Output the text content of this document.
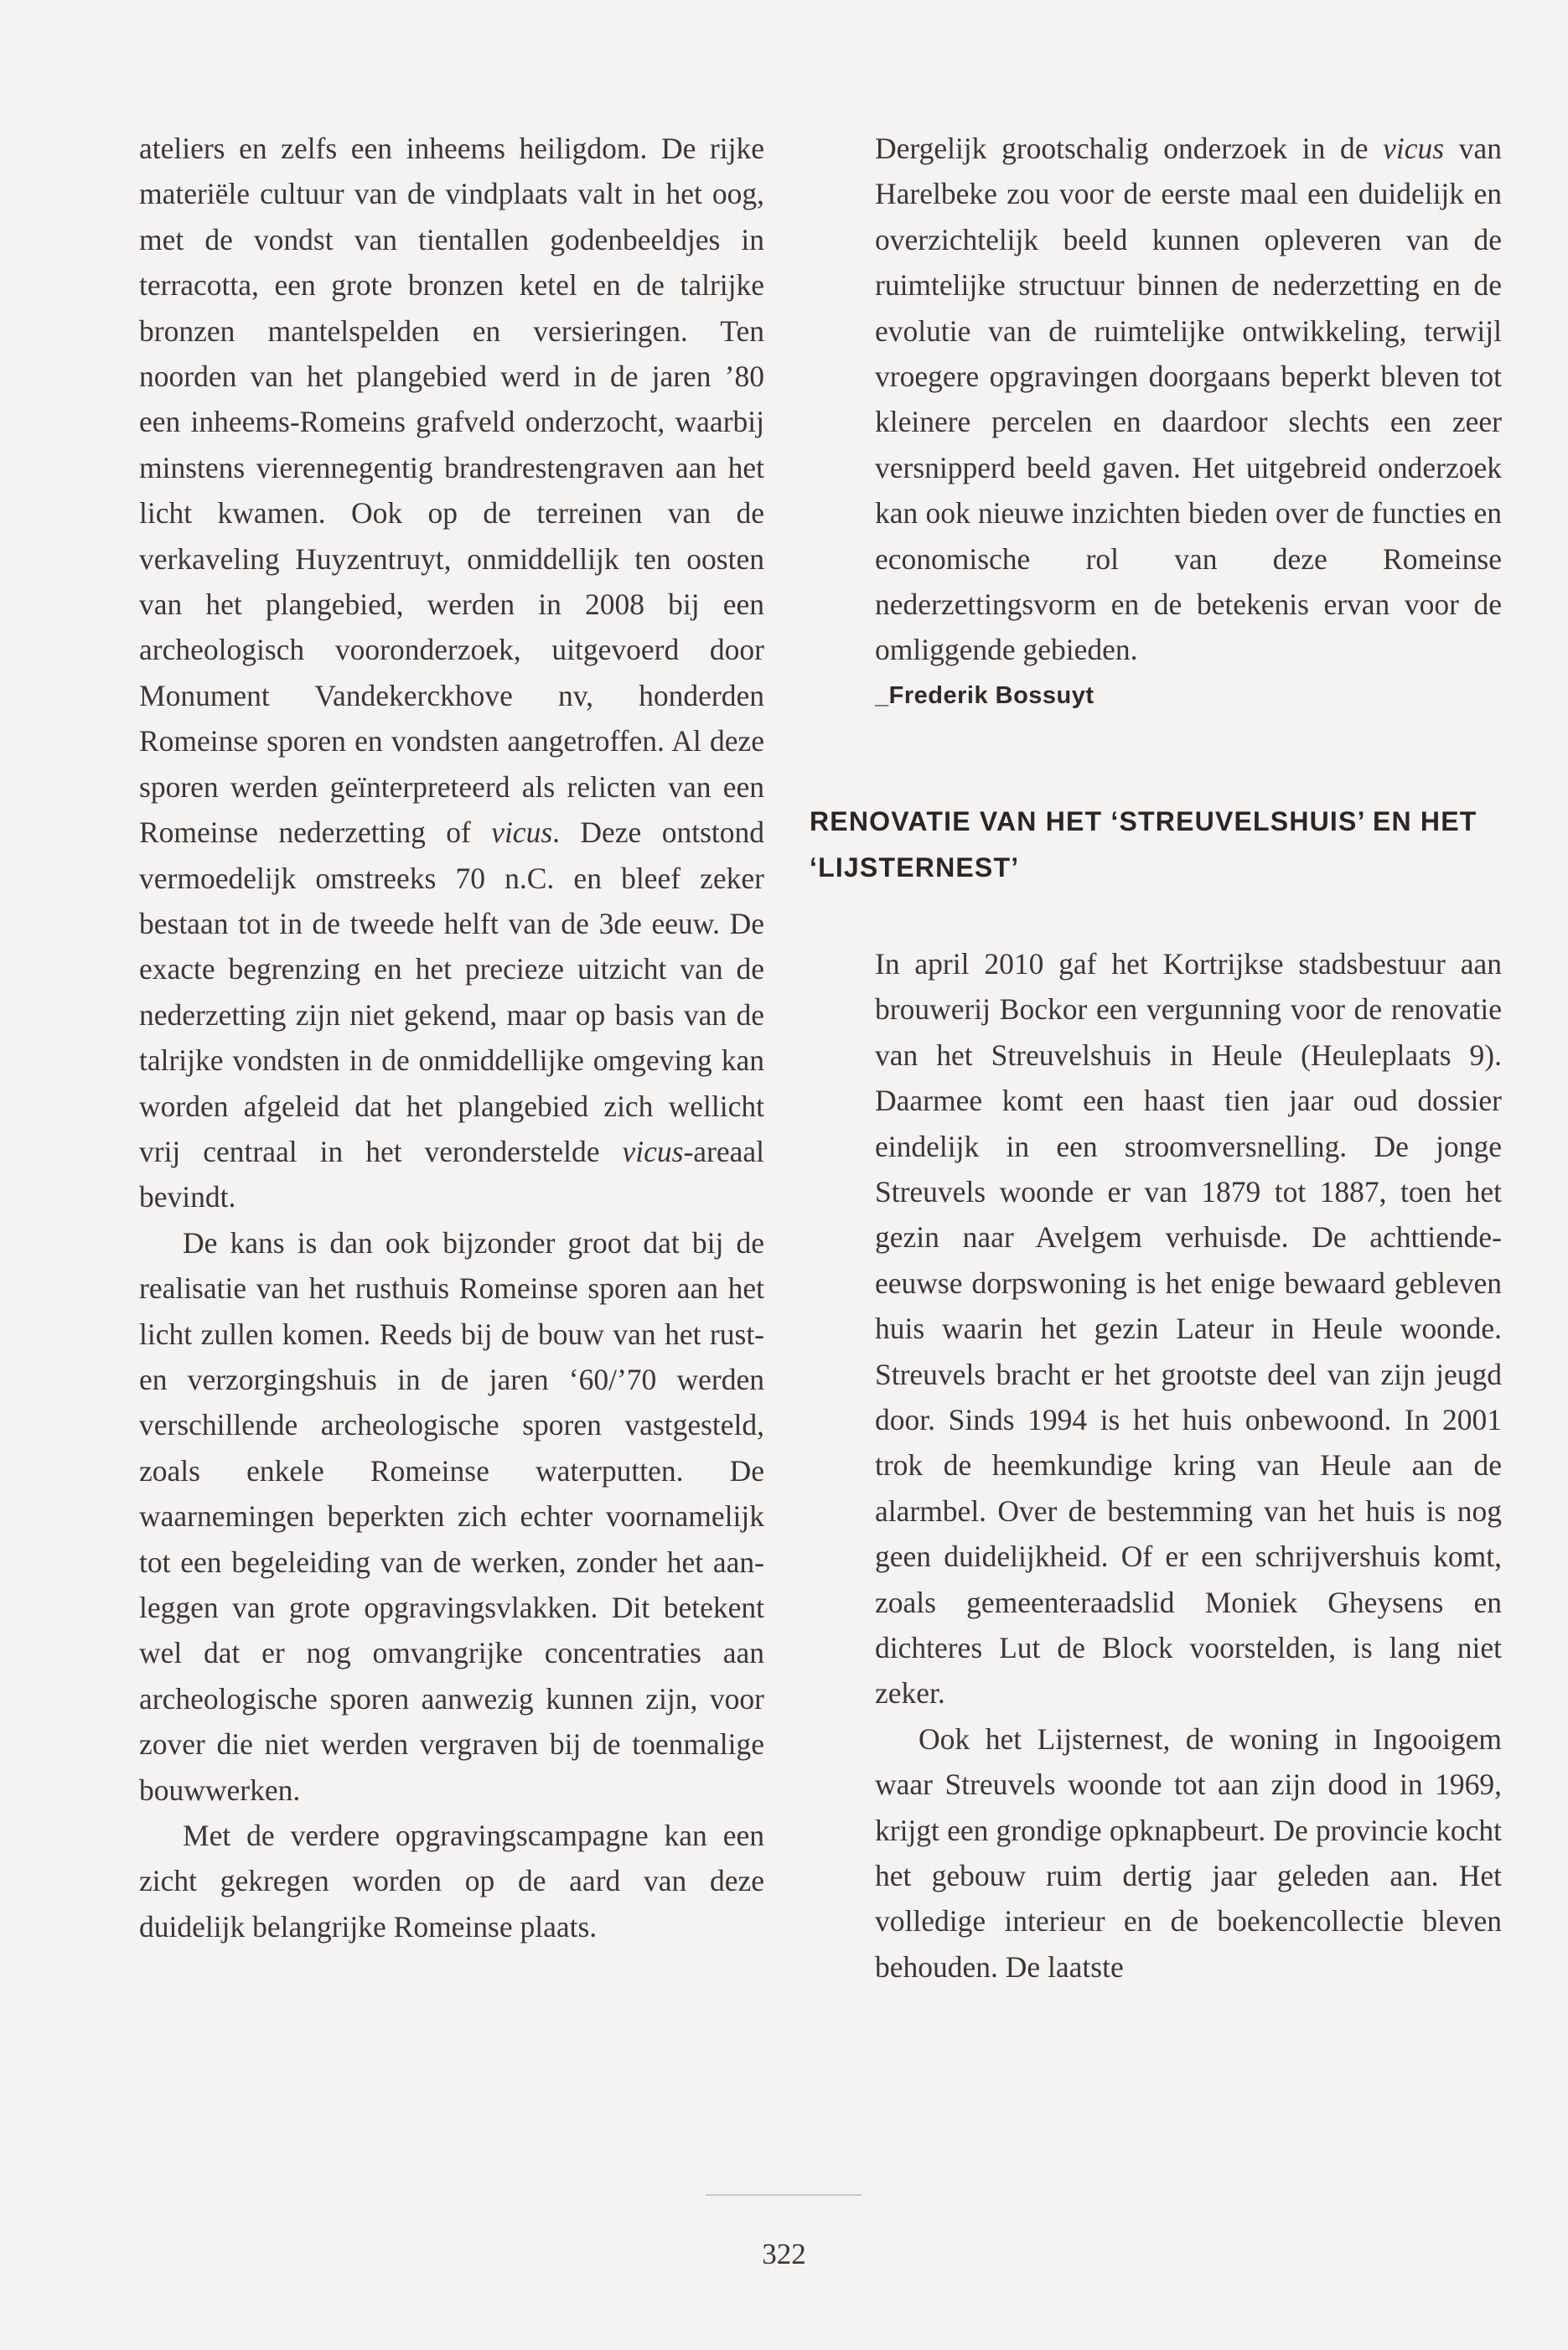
ateliers en zelfs een inheems heiligdom. De rijke materiële cultuur van de vindplaats valt in het oog, met de vondst van tientallen godenbeeldjes in terracotta, een grote bronzen ketel en de talrijke bronzen mantelspelden en versieringen. Ten noorden van het plangebied werd in de jaren ’80 een inheems-Romeins grafveld onderzocht, waarbij minstens vierennegentig brandrestengraven aan het licht kwamen. Ook op de terreinen van de verkaveling Huyzentruyt, onmiddellijk ten oosten van het plangebied, werden in 2008 bij een archeologisch vooronderzoek, uitgevoerd door Monument Vandekerckhove nv, honderden Romeinse sporen en vondsten aangetroffen. Al deze sporen werden geïnterpreteerd als relicten van een Romeinse nederzetting of vicus. Deze ontstond vermoedelijk omstreeks 70 n.C. en bleef zeker bestaan tot in de tweede helft van de 3de eeuw. De exacte begrenzing en het precieze uitzicht van de nederzetting zijn niet gekend, maar op basis van de talrijke vondsten in de onmiddellijke omgeving kan worden afgeleid dat het plangebied zich wellicht vrij centraal in het veronderstelde vicus-areaal bevindt.

De kans is dan ook bijzonder groot dat bij de realisatie van het rusthuis Romeinse sporen aan het licht zullen komen. Reeds bij de bouw van het rust- en verzorgingshuis in de jaren ‘60/’70 werden verschillende archeologische sporen vastgesteld, zoals enkele Romeinse waterputten. De waarnemingen beperkten zich echter voornamelijk tot een begeleiding van de werken, zonder het aanleggen van grote opgravingsvlakken. Dit betekent wel dat er nog omvangrijke concentraties aan archeologische sporen aanwezig kunnen zijn, voor zover die niet werden vergraven bij de toenmalige bouwwerken.

Met de verdere opgravingscampagne kan een zicht gekregen worden op de aard van deze duidelijk belangrijke Romeinse plaats.

Dergelijk grootschalig onderzoek in de vicus van Harelbeke zou voor de eerste maal een duidelijk en overzichtelijk beeld kunnen opleveren van de ruimtelijke structuur binnen de nederzetting en de evolutie van de ruimtelijke ontwikkeling, terwijl vroegere opgravingen doorgaans beperkt bleven tot kleinere percelen en daardoor slechts een zeer versnipperd beeld gaven. Het uitgebreid onderzoek kan ook nieuwe inzichten bieden over de functies en economische rol van deze Romeinse nederzettingsvorm en de betekenis ervan voor de omliggende gebieden.

_Frederik Bossuyt

RENOVATIE VAN HET ‘STREUVELSHUIS’ EN HET ‘LIJSTERNEST’

In april 2010 gaf het Kortrijkse stadsbestuur aan brouwerij Bockor een vergunning voor de renovatie van het Streuvelshuis in Heule (Heuleplaats 9). Daarmee komt een haast tien jaar oud dossier eindelijk in een stroomversnelling. De jonge Streuvels woonde er van 1879 tot 1887, toen het gezin naar Avelgem verhuisde. De achttiende-eeuwse dorpswoning is het enige bewaard gebleven huis waarin het gezin Lateur in Heule woonde. Streuvels bracht er het grootste deel van zijn jeugd door. Sinds 1994 is het huis onbewoond. In 2001 trok de heemkundige kring van Heule aan de alarmbel. Over de bestemming van het huis is nog geen duidelijkheid. Of er een schrijvershuis komt, zoals gemeenteraadslid Moniek Gheysens en dichteres Lut de Block voorstelden, is lang niet zeker.

Ook het Lijsternest, de woning in Ingooigem waar Streuvels woonde tot aan zijn dood in 1969, krijgt een grondige opknapbeurt. De provincie kocht het gebouw ruim dertig jaar geleden aan. Het volledige interieur en de boekencollectie bleven behouden. De laatste

322
